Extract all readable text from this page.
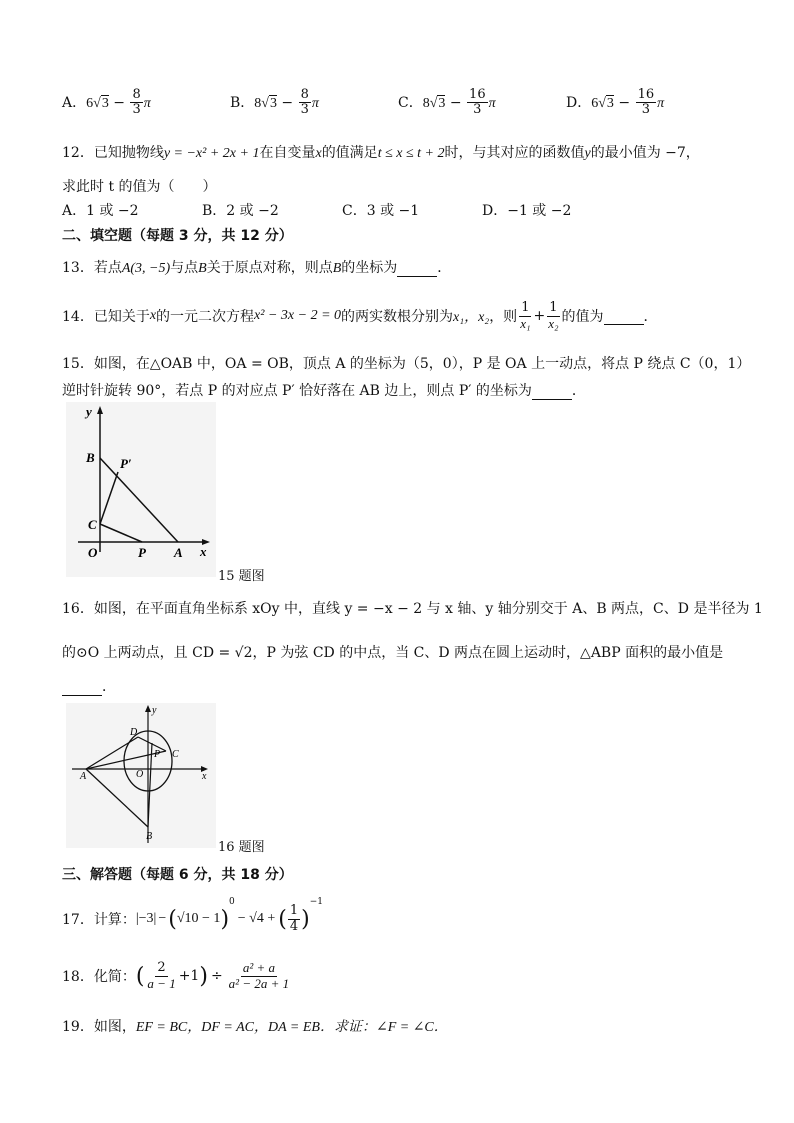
A．$6√3 - \frac{8}{3}$ π	B．$8√3 - \frac{8}{3}$ π	C．$8√3 - \frac{16}{3}$ π	D．$6√3 - \frac{16}{3}$ π
12．已知抛物线y = −x² + 2x + 1在自变量x的值满足t ≤ x ≤ t + 2时，与其对应的函数值y的最小值为 −7，
求此时 t 的值为（　　）
A．1 或 −2	B．2 或 −2	C．3 或 −1	D．−1 或 −2
二、填空题（每题 3 分，共 12 分）
13．若点A(3, −5)与点B关于原点对称，则点B的坐标为	．
14．已知关于 x 的一元二次方程 x² − 3x − 2 = 0 的两实数根分别为 x₁，x₂ ，则 $\frac{1}{\text{x₁}} + \frac{1}{\text{x₂}}$ 的值为
	．
15．如图，在△OAB 中，OA = OB，顶点 A 的坐标为（5，0），P 是 OA 上一动点，将点 P 绕点 C（0，1）
逆时针旋转 90°，若点 P 的对应点 P′ 恰好落在 AB 边上，则点 P′ 的坐标为	．
y
x
B P′
C
O	P A
15 题图
16．如图，在平面直角坐标系 xOy 中，直线 y = −x − 2 与 x 轴、y 轴分别交于 A、B 两点，C、D 是半径为 1
的⊙O 上两动点，且 CD = √2，P 为弦 CD 的中点，当 C、D 两点在圆上运动时，△ABP 面积的最小值是
．
y
x
D
P C
A	O
B
16 题图
三、解答题（每题 6 分，共 18 分）
17．计算： |−3| − ( √10 − 1 )
0
− √4 + ( $\frac{1}{4}$ )
−1
18．化简： ( $\frac{2}{a - 1} +1$ ) ÷ $\frac{\text{a² + a}}{\text{a² − 2a + 1}}$
19．如图，EF = BC，DF = AC，DA = EB．求证：∠F = ∠C．
